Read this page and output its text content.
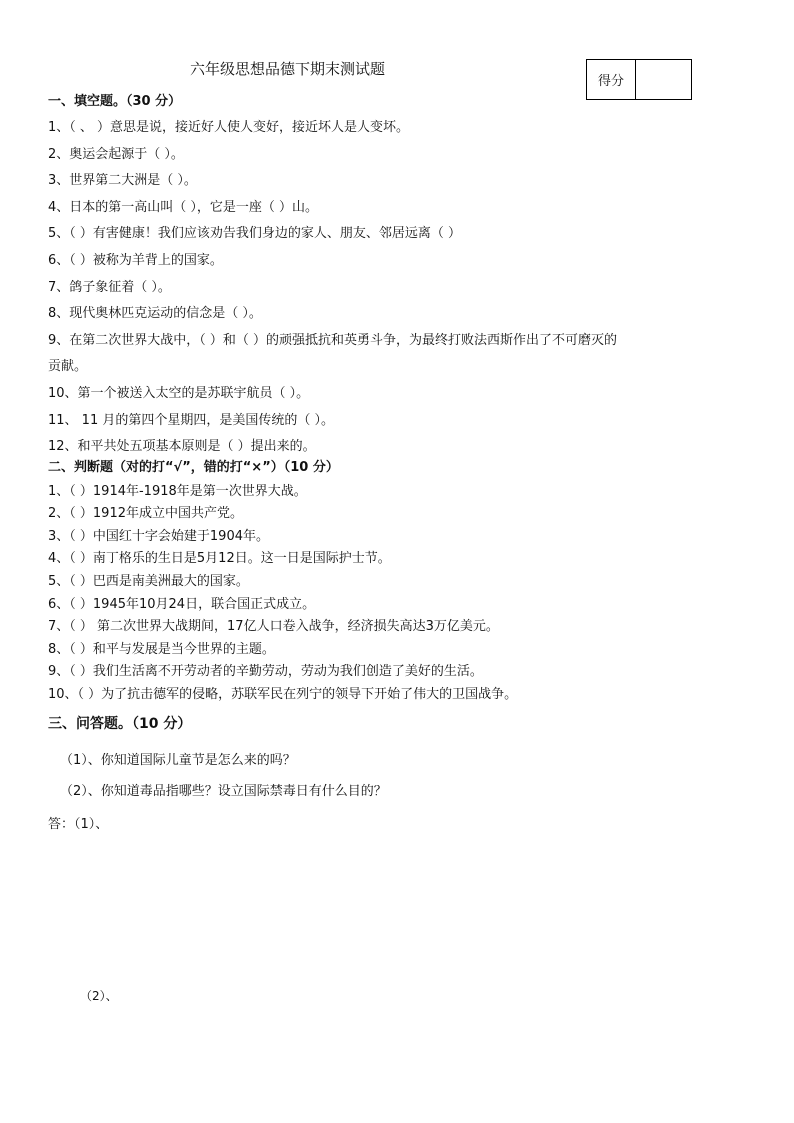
六年级思想品德下期末测试题
得分
一、填空题。（30 分）
1、（ 、 ）意思是说，接近好人使人变好，接近坏人是人变坏。
2、奥运会起源于（ ）。
3、世界第二大洲是（ ）。
4、日本的第一高山叫（ ），它是一座（ ）山。
5、（ ）有害健康！我们应该劝告我们身边的家人、朋友、邻居远离（ ）
6、（ ）被称为羊背上的国家。
7、鸽子象征着（ ）。
8、现代奥林匹克运动的信念是（ ）。
9、在第二次世界大战中，（ ）和（ ）的顽强抵抗和英勇斗争，为最终打败法西斯作出了不可磨灭的
贡献。
10、第一个被送入太空的是苏联宇航员（ ）。
11、 11 月的第四个星期四，是美国传统的（ ）。
12、和平共处五项基本原则是（ ）提出来的。
二、判断题（对的打“√”，错的打“×”）（10 分）
1、（ ）1914年-1918年是第一次世界大战。
2、（ ）1912年成立中国共产党。
3、（ ）中国红十字会始建于1904年。
4、（ ）南丁格乐的生日是5月12日。这一日是国际护士节。
5、（ ）巴西是南美洲最大的国家。
6、（ ）1945年10月24日，联合国正式成立。
7、（ ） 第二次世界大战期间，17亿人口卷入战争，经济损失高达3万亿美元。
8、（ ）和平与发展是当今世界的主题。
9、（ ）我们生活离不开劳动者的辛勤劳动，劳动为我们创造了美好的生活。
10、（ ）为了抗击德军的侵略，苏联军民在列宁的领导下开始了伟大的卫国战争。
三、问答题。（10 分）
（1）、你知道国际儿童节是怎么来的吗？
（2）、你知道毒品指哪些？设立国际禁毒日有什么目的？
答：（1）、
（2）、
